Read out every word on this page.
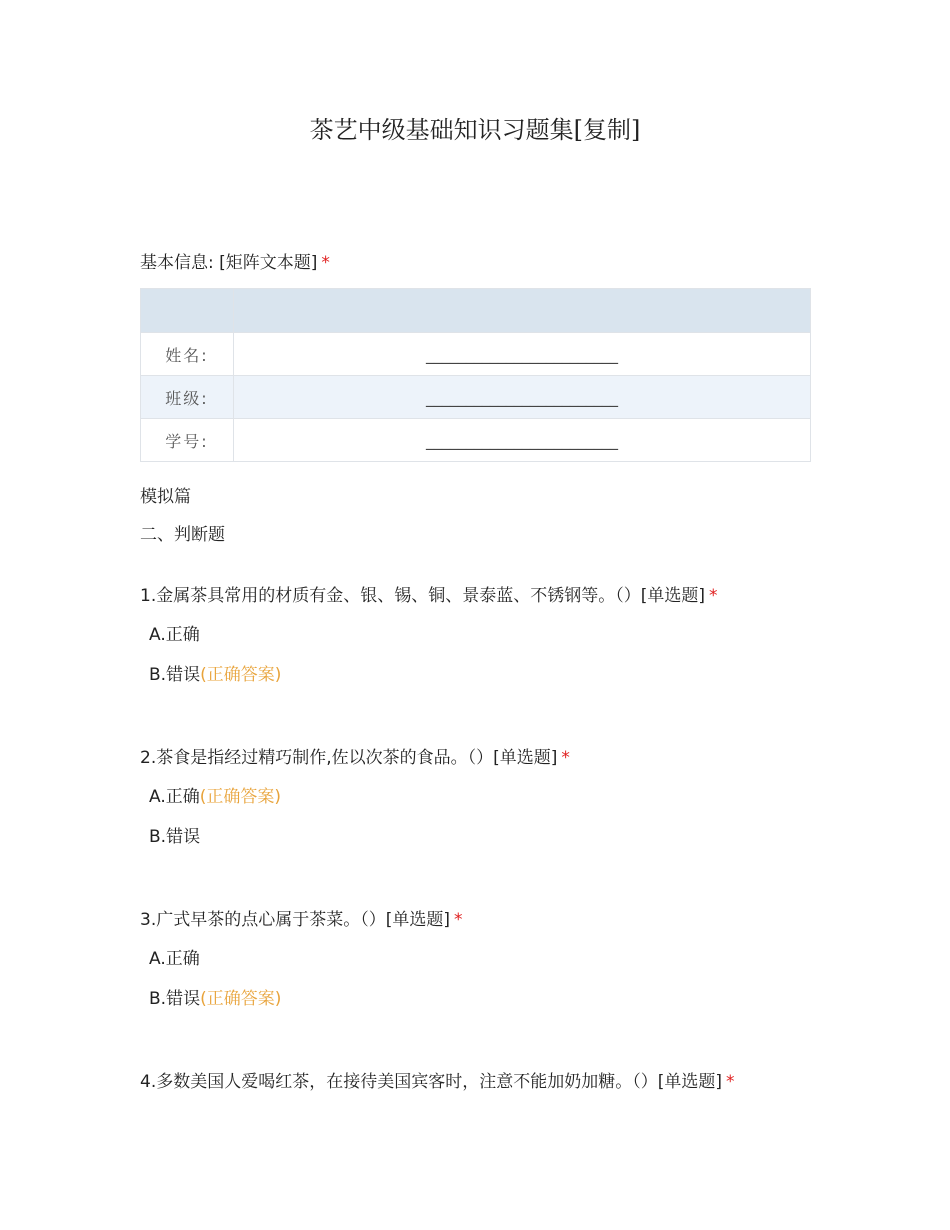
茶艺中级基础知识习题集[复制]
基本信息: [矩阵文本题] *

姓名:	________________________
班级:	________________________
学号:	________________________
模拟篇
二、判断题
1.金属茶具常用的材质有金、银、锡、铜、景泰蓝、不锈钢等。（）[单选题] *
A.正确
B.错误(正确答案)
2.茶食是指经过精巧制作,佐以次茶的食品。（）[单选题] *
A.正确(正确答案)
B.错误
3.广式早茶的点心属于茶菜。（）[单选题] *
A.正确
B.错误(正确答案)
4.多数美国人爱喝红茶，在接待美国宾客时，注意不能加奶加糖。（）[单选题] *
